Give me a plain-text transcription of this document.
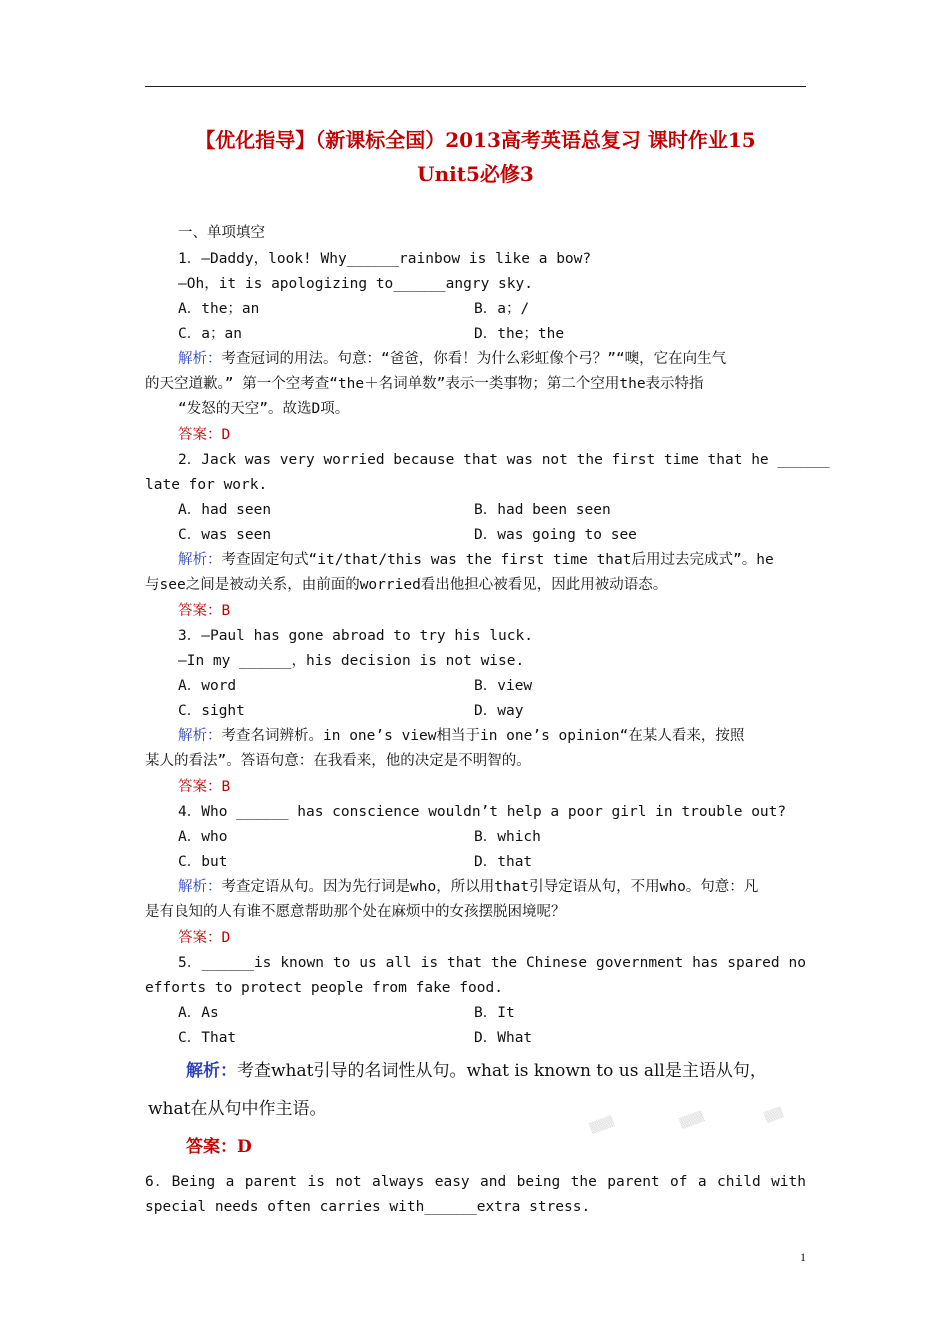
【优化指导】（新课标全国）2013高考英语总复习 课时作业15
Unit5必修3
一、单项填空
1．—Daddy，look! Why______rainbow is like a bow?
—Oh，it is apologizing to______angry sky.
A．the；an	B．a；/
C．a；an	D．the；the
解析：考查冠词的用法。句意：“爸爸，你看！为什么彩虹像个弓？”“噢，它在向生气
的天空道歉。” 第一个空考查“the＋名词单数”表示一类事物；第二个空用the表示特指
“发怒的天空”。故选D项。
答案：D
2．Jack was very worried because that was not the first time that he ______
late for work.
A．had seen	B．had been seen
C．was seen	D．was going to see
解析：考查固定句式“it/that/this was the first time that后用过去完成式”。he
与see之间是被动关系，由前面的worried看出他担心被看见，因此用被动语态。
答案：B
3．—Paul has gone abroad to try his luck.
—In my ______，his decision is not wise.
A．word	B．view
C．sight	D．way
解析：考查名词辨析。in one’s view相当于in one’s opinion“在某人看来，按照
某人的看法”。答语句意：在我看来，他的决定是不明智的。
答案：B
4．Who ______ has conscience wouldn’t help a poor girl in trouble out?
A．who	B．which
C．but	D．that
解析：考查定语从句。因为先行词是who，所以用that引导定语从句，不用who。句意：凡
是有良知的人有谁不愿意帮助那个处在麻烦中的女孩摆脱困境呢？
答案：D
5．______is known to us all is that the Chinese government has spared no
efforts to protect people from fake food.
A．As	B．It
C．That	D．What
解析：考查what引导的名词性从句。what is known to us all是主语从句，
what在从句中作主语。
答案：D
6．Being a parent is not always easy and being the parent of a child with
special needs often carries with______extra stress.
▒▒▒▒	▒▒▒▒	▒▒▒
1
